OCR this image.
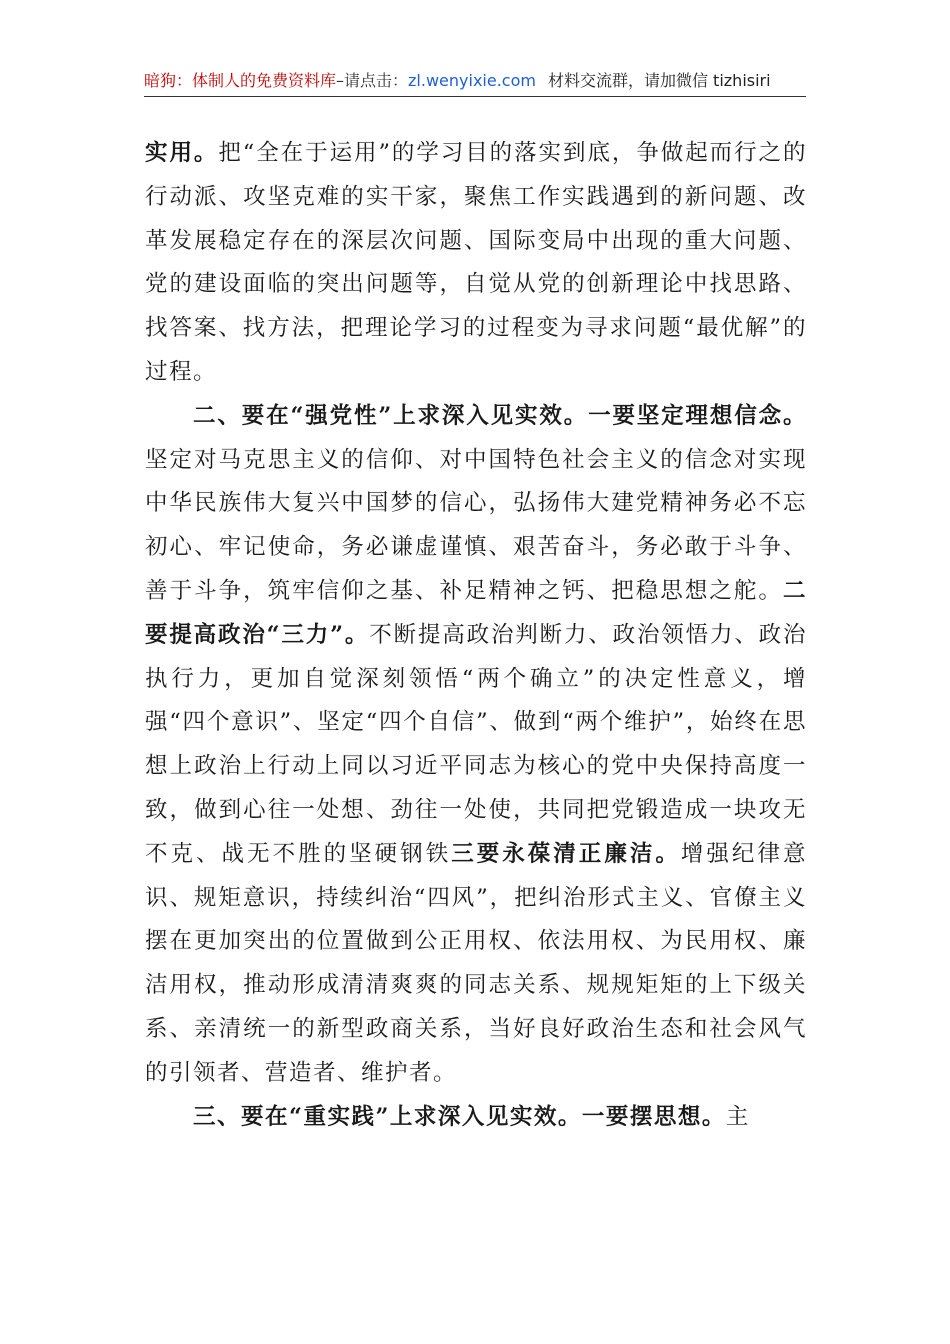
暗狗：体制人的免费资料库–请点击：zl.wenyixie.com 材料交流群，请加微信 tizhisiri

实用。把“全在于运用”的学习目的落实到底，争做起而行之的行动派、攻坚克难的实干家，聚焦工作实践遇到的新问题、改革发展稳定存在的深层次问题、国际变局中出现的重大问题、党的建设面临的突出问题等，自觉从党的创新理论中找思路、找答案、找方法，把理论学习的过程变为寻求问题“最优解”的过程。

二、要在“强党性”上求深入见实效。一要坚定理想信念。坚定对马克思主义的信仰、对中国特色社会主义的信念对实现中华民族伟大复兴中国梦的信心，弘扬伟大建党精神务必不忘初心、牢记使命，务必谦虚谨慎、艰苦奋斗，务必敢于斗争、善于斗争，筑牢信仰之基、补足精神之钙、把稳思想之舵。二要提高政治“三力”。不断提高政治判断力、政治领悟力、政治执行力，更加自觉深刻领悟“两个确立”的决定性意义，增强“四个意识”、坚定“四个自信”、做到“两个维护”，始终在思想上政治上行动上同以习近平同志为核心的党中央保持高度一致，做到心往一处想、劲往一处使，共同把党锻造成一块攻无不克、战无不胜的坚硬钢铁三要永葆清正廉洁。增强纪律意识、规矩意识，持续纠治“四风”，把纠治形式主义、官僚主义摆在更加突出的位置做到公正用权、依法用权、为民用权、廉洁用权，推动形成清清爽爽的同志关系、规规矩矩的上下级关系、亲清统一的新型政商关系，当好良好政治生态和社会风气的引领者、营造者、维护者。

三、要在“重实践”上求深入见实效。一要摆思想。主
